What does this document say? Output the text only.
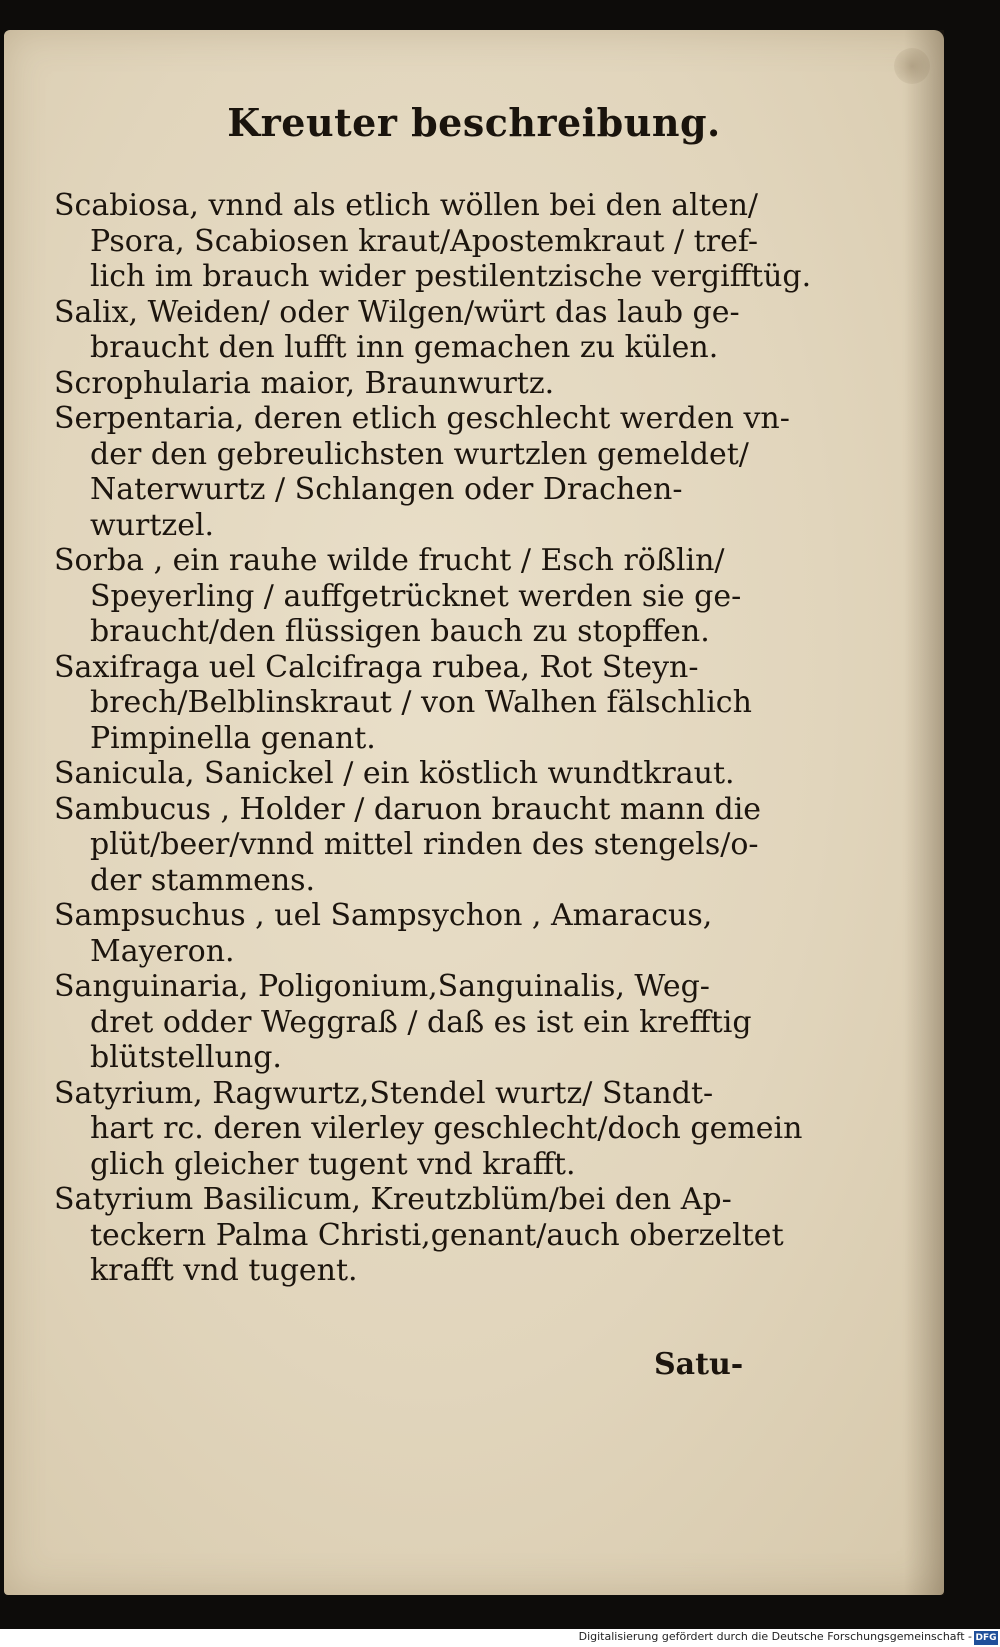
Kreuter beschreibung.
Scabiosa, vnnd als etlich wöllen bei den alten/
Psora, Scabiosen kraut/Apostemkraut / tref-
lich im brauch wider pestilentzische vergifftüg.
Salix, Weiden/ oder Wilgen/würt das laub ge-
braucht den lufft inn gemachen zu külen.
Scrophularia maior, Braunwurtz.
Serpentaria, deren etlich geschlecht werden vn-
der den gebreulichsten wurtzlen gemeldet/
Naterwurtz / Schlangen oder Drachen-
wurtzel.
Sorba , ein rauhe wilde frucht / Esch rößlin/
Speyerling / auffgetrücknet werden sie ge-
braucht/den flüssigen bauch zu stopffen.
Saxifraga uel Calcifraga rubea, Rot Steyn-
brech/Belblinskraut / von Walhen fälschlich
Pimpinella genant.
Sanicula, Sanickel / ein köstlich wundtkraut.
Sambucus , Holder / daruon braucht mann die
plüt/beer/vnnd mittel rinden des stengels/o-
der stammens.
Sampsuchus , uel Sampsychon , Amaracus,
Mayeron.
Sanguinaria, Poligonium,Sanguinalis, Weg-
dret odder Weggraß / daß es ist ein krefftig
blütstellung.
Satyrium, Ragwurtz,Stendel wurtz/ Standt-
hart rc. deren vilerley geschlecht/doch gemein
glich gleicher tugent vnd krafft.
Satyrium Basilicum, Kreutzblüm/bei den Ap-
teckern Palma Christi,genant/auch oberzeltet
krafft vnd tugent.
Satu-
Digitalisierung gefördert durch die Deutsche Forschungsgemeinschaft - DFG
